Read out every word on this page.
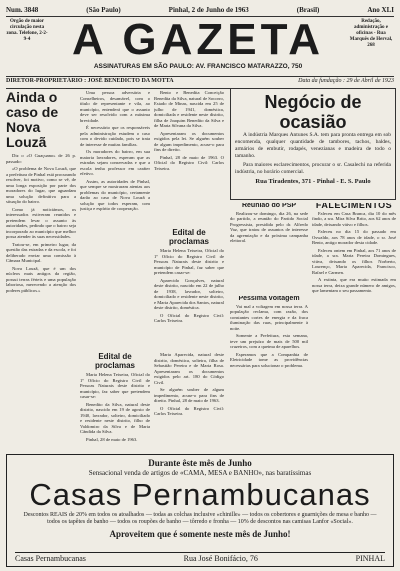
Num. 3848	(São Paulo)	Pinhal, 2 de Junho de 1963	(Brasil)	Ano XLI
Orgão de maior circulação nesta zona. Telefone, 2-2-9-4 A GAZETA
ASSINATURAS EM SÃO PAULO: AV. FRANCISCO MATARAZZO, 750
Redação, administração e oficinas - Rua Marquês de Herval, 268
DIRETOR-PROPRIETÁRIO : JOSÉ BENEDICTO DA MOTTA	Data da fundação : 29 de Abril de 1923
Ainda o caso de Nova Louzã

Diz o «O Guaçuano» de 26 p. passado:

«O problema de Nova Louzã, que a prefeitura de Pinhal está procurando resolver, foi motivo, como se vê, de uma longa exposição por parte dos moradores do lugar, que aguardam uma solução definitiva para a situação do bairro.

Como já noticiámos, os interessados estiveram reunidos e pretendem levar o assunto às autoridades, pedindo que o bairro seja incorporado ao município que melhor possa atender às suas necessidades.

Tratou-se, em primeiro lugar, da questão das estradas e da escola, e foi deliberado enviar uma comissão à Câmara Municipal.

Nova Louzã, que é um dos núcleos mais antigos da região, possui terras férteis e uma população laboriosa, merecendo a atenção dos poderes públicos.»

Uma pessoa adversária e Conselheiros, desamável, com o título de representante e vila, ao município, entenderá que o assunto deve ser resolvido com a máxima brevidade.

É necessário que os responsáveis pela administração estudem o caso com o devido cuidado, pois se trata de interesse de muitas famílias.

Os moradores do bairro, em sua maioria lavradores, esperam que as estradas sejam conservadas e que a escola tenha professor em caráter efetivo.

Assim, as autoridades de Pinhal, que sempre se mostraram atentas aos problemas do município, certamente darão ao caso de Nova Louzã a solução que todos esperam, com justiça e espírito de cooperação.

Bento e Benedita Conceição Benedita da Silva, natural de Socorro, Estado de Minas, nascida em 25 de julho de 1941, doméstica, domiciliada e residente neste distrito, filha de Joaquim Benedito da Silva e de Maria Silvana da Silva.

Apresentaram os documentos exigidos pela lei. Se alguém souber de algum impedimento, acuse-o para fins de direito.

Pinhal, 28 de maio de 1963. O Oficial do Registro Civil: Carlos Teixeira.

Edital de proclamas

Maria Helena Teixeira, Oficial do 1º Ofício do Registro Civil de Pessoas Naturais deste distrito e município de Pinhal, faz saber que pretendem casar-se:

Aparecido Gonçalves, natural deste distrito, nascido em 22 de julho de 1938, lavrador, solteiro, domiciliado e residente neste distrito, e Maria Aparecida dos Santos, natural deste distrito, doméstica.

O Oficial do Registro Civil: Carlos Teixeira.

Edital de proclamas

Maria Helena Teixeira, Oficial do 1º Ofício do Registro Civil de Pessoas Naturais deste distrito e município, faz saber que pretendem casar-se:

Benedito da Silva, natural deste distrito, nascido em 19 de agosto de 1940, lavrador, solteiro, domiciliado e residente neste distrito, filho de Valdomiro da Silva e de Maria Cândida da Silva.

Pinhal, 28 de maio de 1963.

Maria Aparecida, natural deste distrito, doméstica, solteira, filha de Sebastião Pereira e de Maria Rosa. Apresentaram os documentos exigidos pelo art. 180 do Código Civil.

Se alguém souber de algum impedimento, acuse-o para fins de direito. Pinhal, 28 de maio de 1963.

O Oficial do Registro Civil: Carlos Teixeira.

Negócio de ocasião

A indústria Marques Antunes S.A. tem para pronta entrega em sob encomenda, qualquer quantidade de tambores, tachos, baldes, armários de embutir, rodapés, venezianas e madeira de todo o tamanho.

Para maiores esclarecimentos, procurar o sr. Casalechi na referida indústria, no horário comercial.

Rua Tiradentes, 371 - Pinhal - E. S. Paulo
Reunião do PSP

Realizou-se domingo, dia 26, na sede do partido, a reunião do Partido Social Progressista, presidida pelo dr. Alfredo Vaz, que tratou de assuntos de interesse da agremiação e da próxima campanha eleitoral.

Pessima voltagem

Vai mal a voltagem em nossa terra. A população reclama, com razão, dos constantes cortes de energia e da fraca iluminação das ruas, principalmente à noite.

Somente a Prefeitura, esta semana, teve um prejuízo de mais de 500 mil cruzeiros, com a queima de aparelhos.

Esperamos que a Companhia de Eletricidade tome as providências necessárias para solucionar o problema.

FALECIMENTOS

Faleceu em Casa Branca, dia 10 do mês findo, a sra. Mira Silva Brito, aos 62 anos de idade, deixando viúvo e filhos.

Faleceu no dia 15 do passado em Oswaldo, aos 78 anos de idade, o sr. José Bento, antigo morador desta cidade.

Faleceu ontem em Pinhal, aos 71 anos de idade, a sra. Maria Pereira Domingues, viúva, deixando os filhos Norberto, Lourenço, Maria Aparecida, Francisco, Rafael e Carmen.

A extinta, que era muito estimada em nossa terra, deixa grande número de amigos, que lamentam o seu passamento.

Durante êste mês de Junho
Sensacional venda de artigos de «CAMA, MESA e BANHO», nas baratíssimas
Casas Pernambucanas
Descontos REAIS de 20% em todos os atoalhados — todas as colchas inclusive «chinille» — todos os cobertores e guarnições de mesa e banho — todos os tapêtes de banho — todos os roupões de banho — tôrredo e fronha — 10% de descontos nas camisas Lanfor «Social».
Aproveitem que é somente neste mês de Junho!
Casas Pernambucanas	Rua José Bonifácio, 76	PINHAL
